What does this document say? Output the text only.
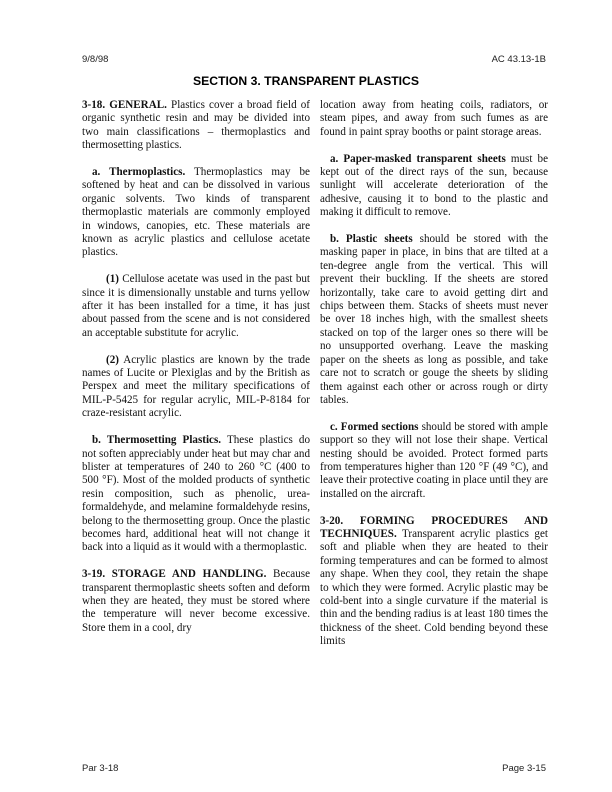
9/8/98	AC 43.13-1B
SECTION 3. TRANSPARENT PLASTICS

3-18. GENERAL. Plastics cover a broad field of organic synthetic resin and may be divided into two main classifications – thermoplastics and thermosetting plastics.

a. Thermoplastics. Thermoplastics may be softened by heat and can be dissolved in various organic solvents. Two kinds of transparent thermoplastic materials are commonly employed in windows, canopies, etc. These materials are known as acrylic plastics and cellulose acetate plastics.

(1) Cellulose acetate was used in the past but since it is dimensionally unstable and turns yellow after it has been installed for a time, it has just about passed from the scene and is not considered an acceptable substitute for acrylic.

(2) Acrylic plastics are known by the trade names of Lucite or Plexiglas and by the British as Perspex and meet the military specifications of MIL-P-5425 for regular acrylic, MIL-P-8184 for craze-resistant acrylic.

b. Thermosetting Plastics. These plastics do not soften appreciably under heat but may char and blister at temperatures of 240 to 260 °C (400 to 500 °F). Most of the molded products of synthetic resin composition, such as phenolic, urea-formaldehyde, and melamine formaldehyde resins, belong to the thermosetting group. Once the plastic becomes hard, additional heat will not change it back into a liquid as it would with a thermoplastic.

3-19. STORAGE AND HANDLING. Because transparent thermoplastic sheets soften and deform when they are heated, they must be stored where the temperature will never become excessive. Store them in a cool, dry

location away from heating coils, radiators, or steam pipes, and away from such fumes as are found in paint spray booths or paint storage areas.

a. Paper-masked transparent sheets must be kept out of the direct rays of the sun, because sunlight will accelerate deterioration of the adhesive, causing it to bond to the plastic and making it difficult to remove.

b. Plastic sheets should be stored with the masking paper in place, in bins that are tilted at a ten-degree angle from the vertical. This will prevent their buckling. If the sheets are stored horizontally, take care to avoid getting dirt and chips between them. Stacks of sheets must never be over 18 inches high, with the smallest sheets stacked on top of the larger ones so there will be no unsupported overhang. Leave the masking paper on the sheets as long as possible, and take care not to scratch or gouge the sheets by sliding them against each other or across rough or dirty tables.

c. Formed sections should be stored with ample support so they will not lose their shape. Vertical nesting should be avoided. Protect formed parts from temperatures higher than 120 °F (49 °C), and leave their protective coating in place until they are installed on the aircraft.

3-20. FORMING PROCEDURES AND TECHNIQUES. Transparent acrylic plastics get soft and pliable when they are heated to their forming temperatures and can be formed to almost any shape. When they cool, they retain the shape to which they were formed. Acrylic plastic may be cold-bent into a single curvature if the material is thin and the bending radius is at least 180 times the thickness of the sheet. Cold bending beyond these limits

Par 3-18	Page 3-15
